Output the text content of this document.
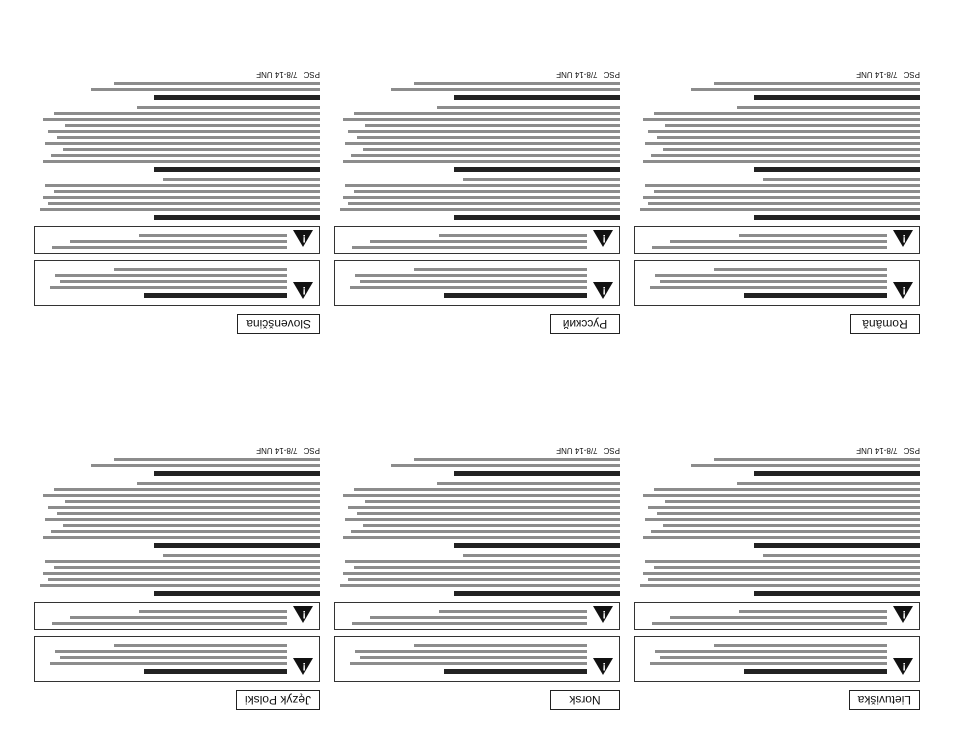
Lietuviška
!
!
PSC7/8-14 UNF
Norsk
!
!
PSC7/8-14 UNF
Język Polski
!
!
PSC7/8-14 UNF
Română
!
!
PSC7/8-14 UNF
Русский
!
!
PSC7/8-14 UNF
Slovenščina
!
!
PSC7/8-14 UNF
